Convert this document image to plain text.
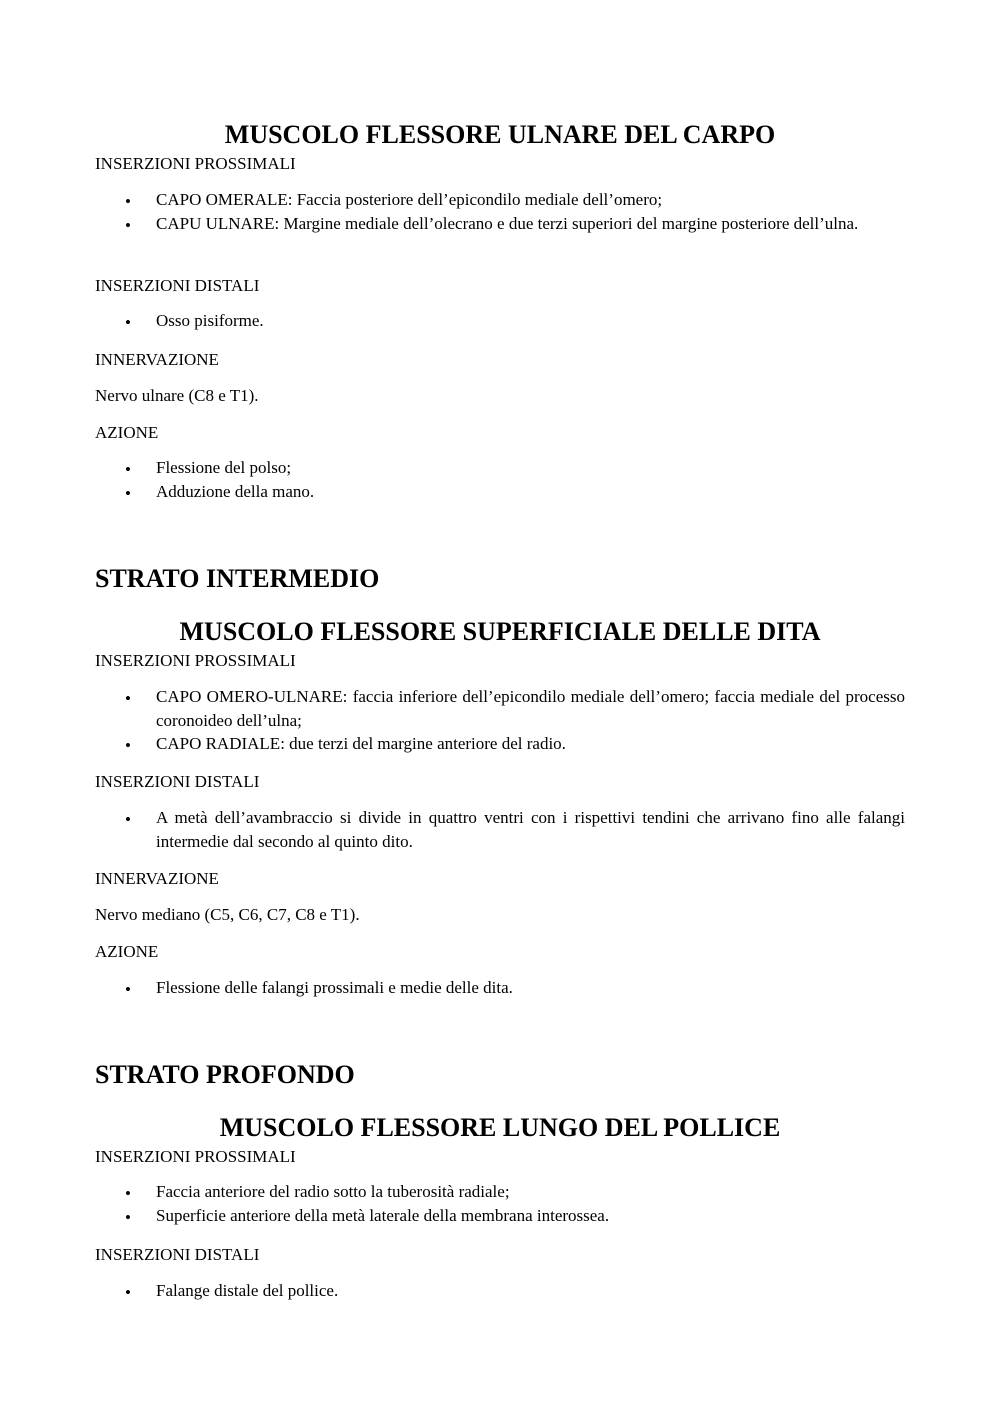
MUSCOLO FLESSORE ULNARE DEL CARPO
INSERZIONI PROSSIMALI
• CAPO OMERALE: Faccia posteriore dell’epicondilo mediale dell’omero;
• CAPU ULNARE: Margine mediale dell’olecrano e due terzi superiori del margine posteriore dell’ulna.
INSERZIONI DISTALI
• Osso pisiforme.
INNERVAZIONE
Nervo ulnare (C8 e T1).
AZIONE
• Flessione del polso;
• Adduzione della mano.
STRATO INTERMEDIO
MUSCOLO FLESSORE SUPERFICIALE DELLE DITA
INSERZIONI PROSSIMALI
• CAPO OMERO-ULNARE: faccia inferiore dell’epicondilo mediale dell’omero; faccia mediale del processo coronoideo dell’ulna;
• CAPO RADIALE: due terzi del margine anteriore del radio.
INSERZIONI DISTALI
• A metà dell’avambraccio si divide in quattro ventri con i rispettivi tendini che arrivano fino alle falangi intermedie dal secondo al quinto dito.
INNERVAZIONE
Nervo mediano (C5, C6, C7, C8 e T1).
AZIONE
• Flessione delle falangi prossimali e medie delle dita.
STRATO PROFONDO
MUSCOLO FLESSORE LUNGO DEL POLLICE
INSERZIONI PROSSIMALI
• Faccia anteriore del radio sotto la tuberosità radiale;
• Superficie anteriore della metà laterale della membrana interossea.
INSERZIONI DISTALI
• Falange distale del pollice.
